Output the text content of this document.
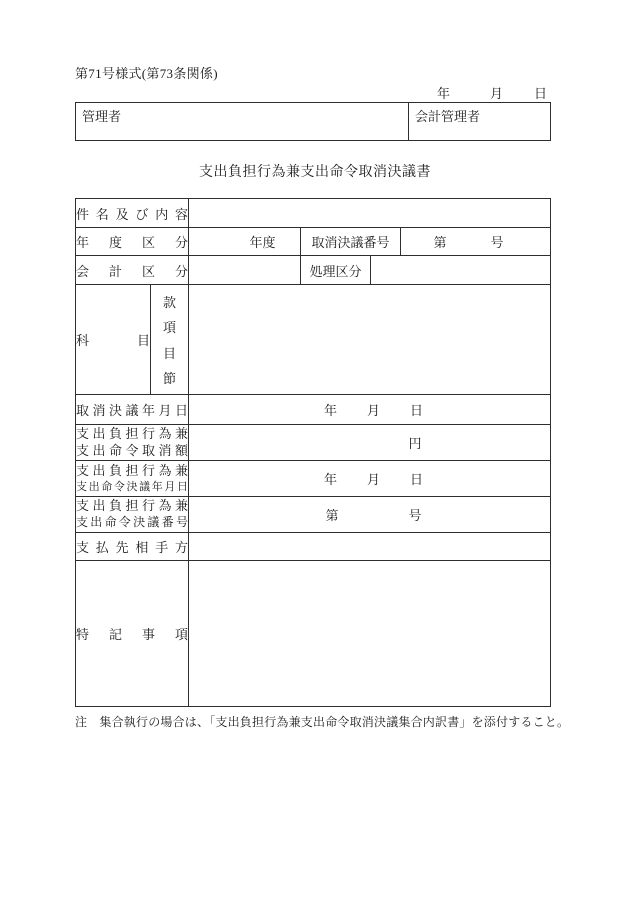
第71号様式(第73条関係)
年	月 日
管理者	会計管理者
支出負担行為兼支出命令取消決議書
件名及び内容					
年度区分		年度	取消決議番号		第 号

会計区分			処理区分		
科目	款
項
目
節				

取消決議年月日		年 月 日			

支出負担行為兼
支出命令取消額		円			

支出負担行為兼
支出命令決議年月日		年 月 日			

支出負担行為兼
支出命令決議番号		第 号			

支払先相手方					
特記事項					
注　集合執行の場合は、「支出負担行為兼支出命令取消決議集合内訳書」を添付すること。
